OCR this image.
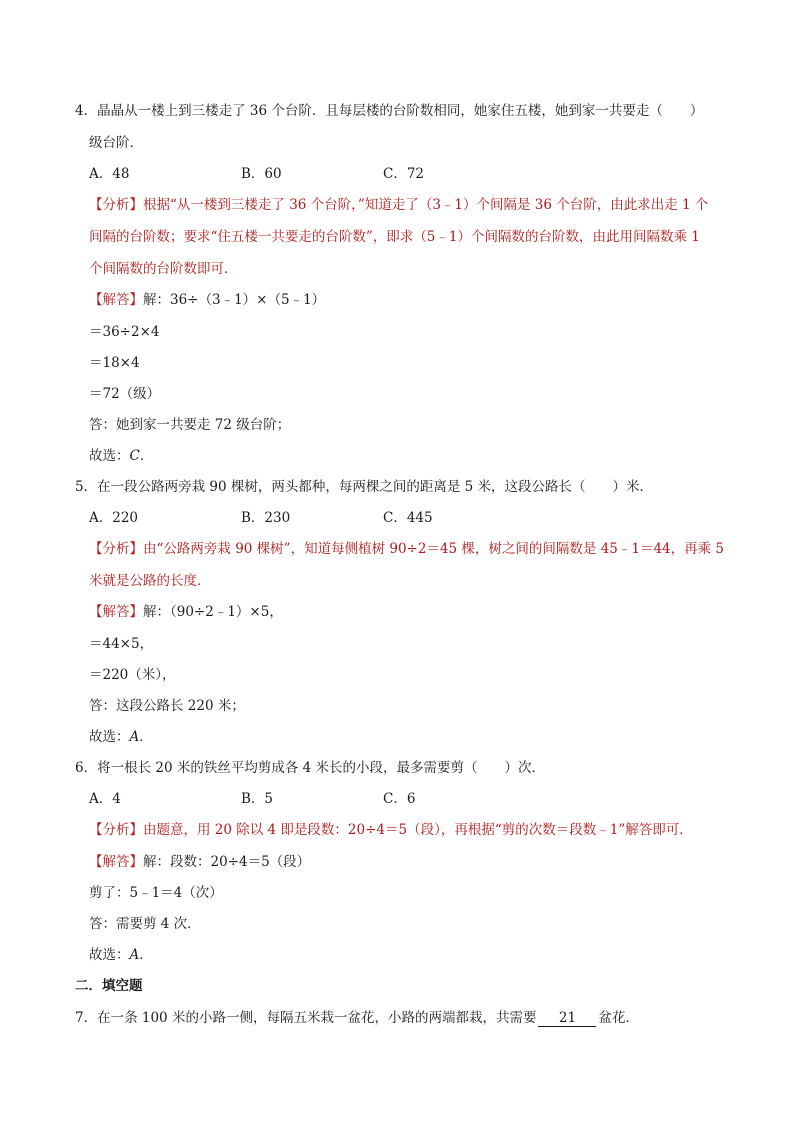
4．晶晶从一楼上到三楼走了 36 个台阶．且每层楼的台阶数相同，她家住五楼，她到家一共要走（　　）
级台阶．
A．48	B．60	C．72
【分析】根据“从一楼到三楼走了 36 个台阶，”知道走了（3﹣1）个间隔是 36 个台阶，由此求出走 1 个
间隔的台阶数；要求“住五楼一共要走的台阶数”，即求（5﹣1）个间隔数的台阶数，由此用间隔数乘 1
个间隔数的台阶数即可．
【解答】解：36÷（3﹣1）×（5﹣1）
＝36÷2×4
＝18×4
＝72（级）
答：她到家一共要走 72 级台阶；
故选：C．
5．在一段公路两旁栽 90 棵树，两头都种，每两棵之间的距离是 5 米，这段公路长（　　）米．
A．220	B．230	C．445
【分析】由“公路两旁栽 90 棵树”，知道每侧植树 90÷2＝45 棵，树之间的间隔数是 45﹣1＝44，再乘 5
米就是公路的长度．
【解答】解：（90÷2﹣1）×5，
＝44×5，
＝220（米），
答：这段公路长 220 米；
故选：A．
6．将一根长 20 米的铁丝平均剪成各 4 米长的小段，最多需要剪（　　）次．
A．4	B．5	C．6
【分析】由题意，用 20 除以 4 即是段数：20÷4＝5（段），再根据“剪的次数＝段数﹣1”解答即可．
【解答】解：段数：20÷4＝5（段）
剪了：5﹣1＝4（次）
答：需要剪 4 次．
故选：A．
二．填空题
7．在一条 100 米的小路一侧，每隔五米栽一盆花，小路的两端都栽，共需要 21 盆花．
